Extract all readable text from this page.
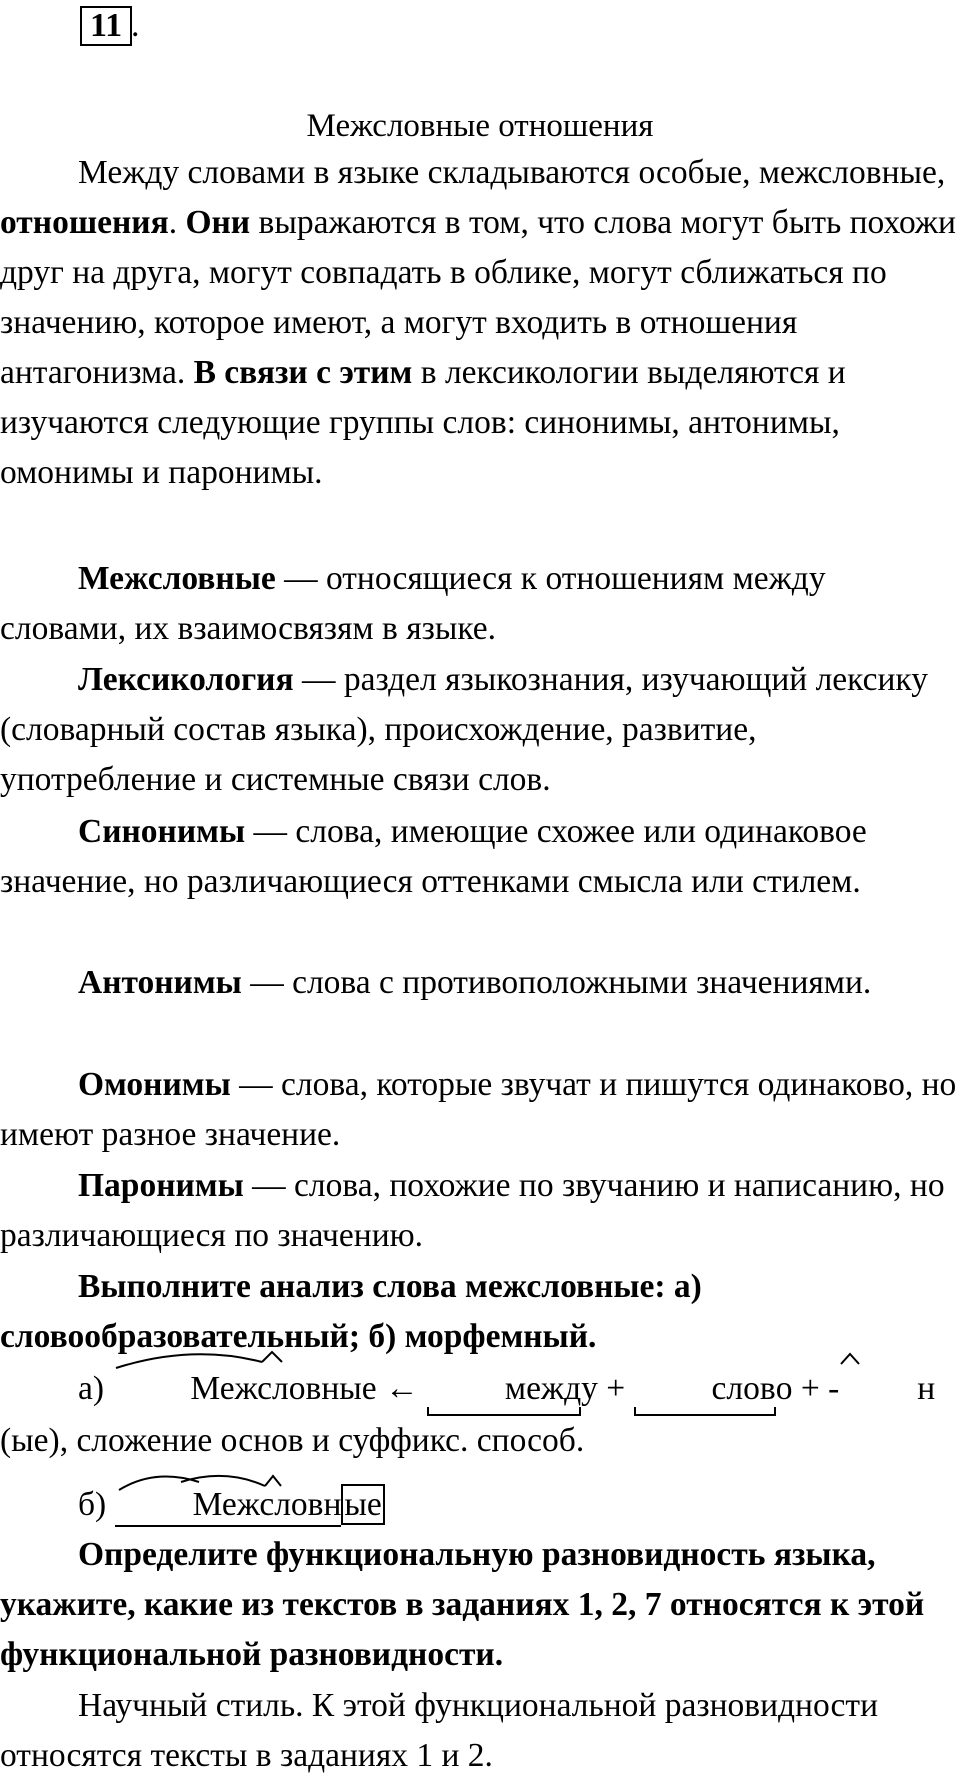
11 .
Межсловные отношения

Между словами в языке складываются особые, межсловные, отношения. Они выражаются в том, что слова могут быть похожи друг на друга, могут совпадать в облике, могут сближаться по значению, которое имеют, а могут входить в отношения антагонизма. В связи с этим в лексикологии выделяются и изучаются следующие группы слов: синонимы, антонимы, омонимы и паронимы.

Межсловные — относящиеся к отношениям между словами, их взаимосвязям в языке.

Лексикология — раздел языкознания, изучающий лексику (словарный состав языка), происхождение, развитие, употребление и системные связи слов.

Синонимы — слова, имеющие схожее или одинаковое значение, но различающиеся оттенками смысла или стилем.

Антонимы — слова с противоположными значениями.

Омонимы — слова, которые звучат и пишутся одинаково, но имеют разное значение.

Паронимы — слова, похожие по звучанию и написанию, но различающиеся по значению.

Выполните анализ слова межсловные: а) словообразовательный; б) морфемный.

а) Межсловные
← между + слово + - н
(ые), сложение основ и суффикс. способ.

б) Межсловн
ые

Определите функциональную разновидность языка, укажите, какие из текстов в заданиях 1, 2, 7 относятся к этой функциональной разновидности.

Научный стиль. К этой функциональной разновидности относятся тексты в заданиях 1 и 2.
